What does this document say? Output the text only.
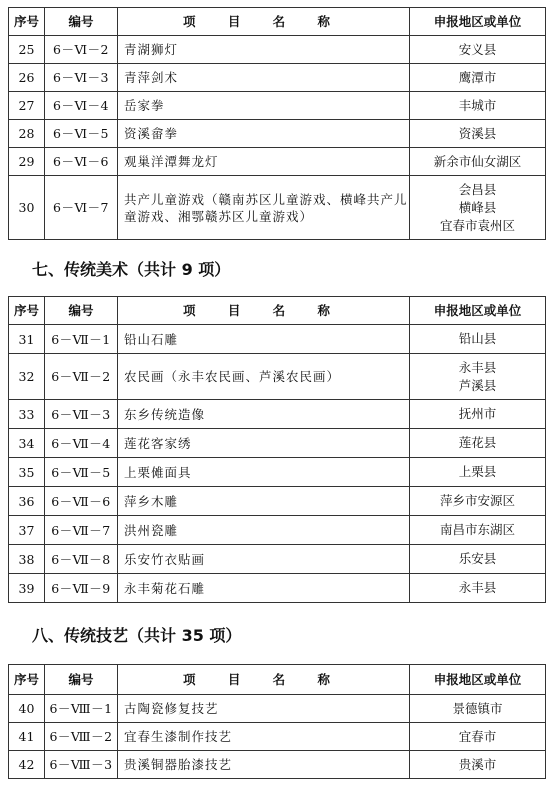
序号	编号	项 目 名 称	申报地区或单位
25	6－Ⅵ－2	青湖狮灯	安义县

26	6－Ⅵ－3	青萍剑术	鹰潭市

27	6－Ⅵ－4	岳家拳	丰城市

28	6－Ⅵ－5	资溪畲拳	资溪县

29	6－Ⅵ－6	观巢洋潭舞龙灯	新余市仙女湖区

30	6－Ⅵ－7	共产儿童游戏（赣南苏区儿童游戏、横峰共产儿童游戏、湘鄂赣苏区儿童游戏）	会昌县
横峰县
宜春市袁州区
七、传统美术（共计 9 项）
序号	编号	项 目 名 称	申报地区或单位
31	6－Ⅶ－1	铅山石雕	铅山县

32	6－Ⅶ－2	农民画（永丰农民画、芦溪农民画）	永丰县
芦溪县

33	6－Ⅶ－3	东乡传统造像	抚州市

34	6－Ⅶ－4	莲花客家绣	莲花县

35	6－Ⅶ－5	上栗傩面具	上栗县

36	6－Ⅶ－6	萍乡木雕	萍乡市安源区

37	6－Ⅶ－7	洪州瓷雕	南昌市东湖区

38	6－Ⅶ－8	乐安竹衣贴画	乐安县

39	6－Ⅶ－9	永丰菊花石雕	永丰县
八、传统技艺（共计 35 项）
序号	编号	项 目 名 称	申报地区或单位
40	6－Ⅷ－1	古陶瓷修复技艺	景德镇市

41	6－Ⅷ－2	宜春生漆制作技艺	宜春市

42	6－Ⅷ－3	贵溪铜器胎漆技艺	贵溪市
